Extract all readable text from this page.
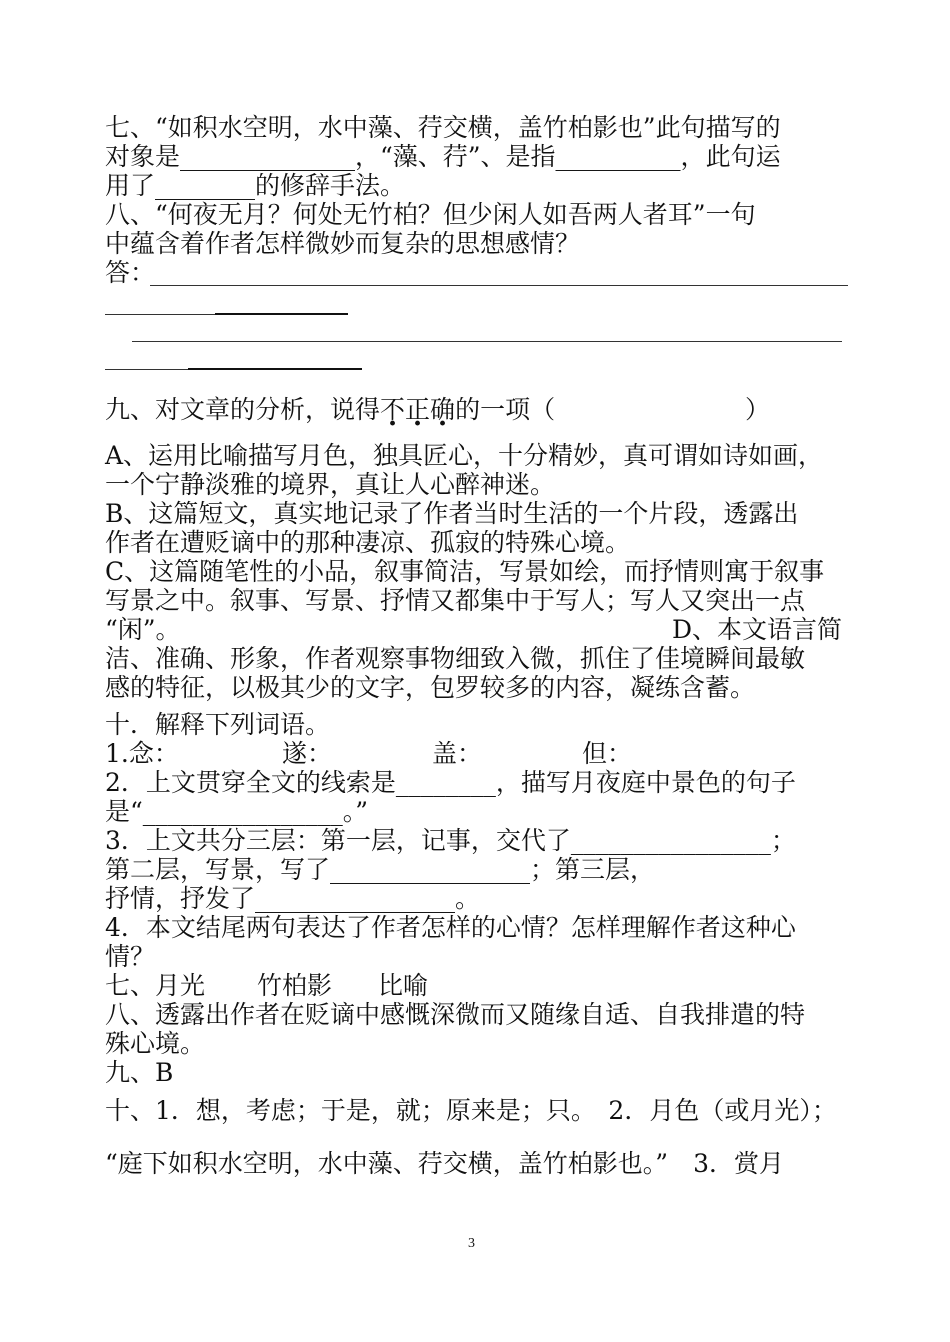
七、“如积水空明，水中藻、荇交横，盖竹柏影也”此句描写的
对象是______________，“藻、荇”、是指__________，此句运
用了________的修辞手法。
八、“何夜无月？何处无竹柏？但少闲人如吾两人者耳”一句
中蕴含着作者怎样微妙而复杂的思想感情？
答：
九、对文章的分析，说得不正确的一项（	）
A、运用比喻描写月色，独具匠心，十分精妙，真可谓如诗如画，
一个宁静淡雅的境界，真让人心醉神迷。
B、这篇短文，真实地记录了作者当时生活的一个片段，透露出
作者在遭贬谪中的那种凄凉、孤寂的特殊心境。
C、这篇随笔性的小品，叙事简洁，写景如绘，而抒情则寓于叙事
写景之中。叙事、写景、抒情又都集中于写人；写人又突出一点
“闲”。	D、本文语言简
洁、准确、形象，作者观察事物细致入微，抓住了佳境瞬间最敏
感的特征，以极其少的文字，包罗较多的内容，凝练含蓄。
十．解释下列词语。
1.念：	遂：	盖：	但：
2．上文贯穿全文的线索是________，描写月夜庭中景色的句子
是“________________。”
3．上文共分三层：第一层，记事，交代了________________；
第二层，写景，写了________________；第三层，
抒情，抒发了________________。
4．本文结尾两句表达了作者怎样的心情？怎样理解作者这种心
情？
七、月光 竹柏影 比喻
八、透露出作者在贬谪中感慨深微而又随缘自适、自我排遣的特
殊心境。
九、B
十、1．想，考虑；于是，就；原来是；只。　2．月色（或月光）；
“庭下如积水空明，水中藻、荇交横，盖竹柏影也。”　3．赏月
3
